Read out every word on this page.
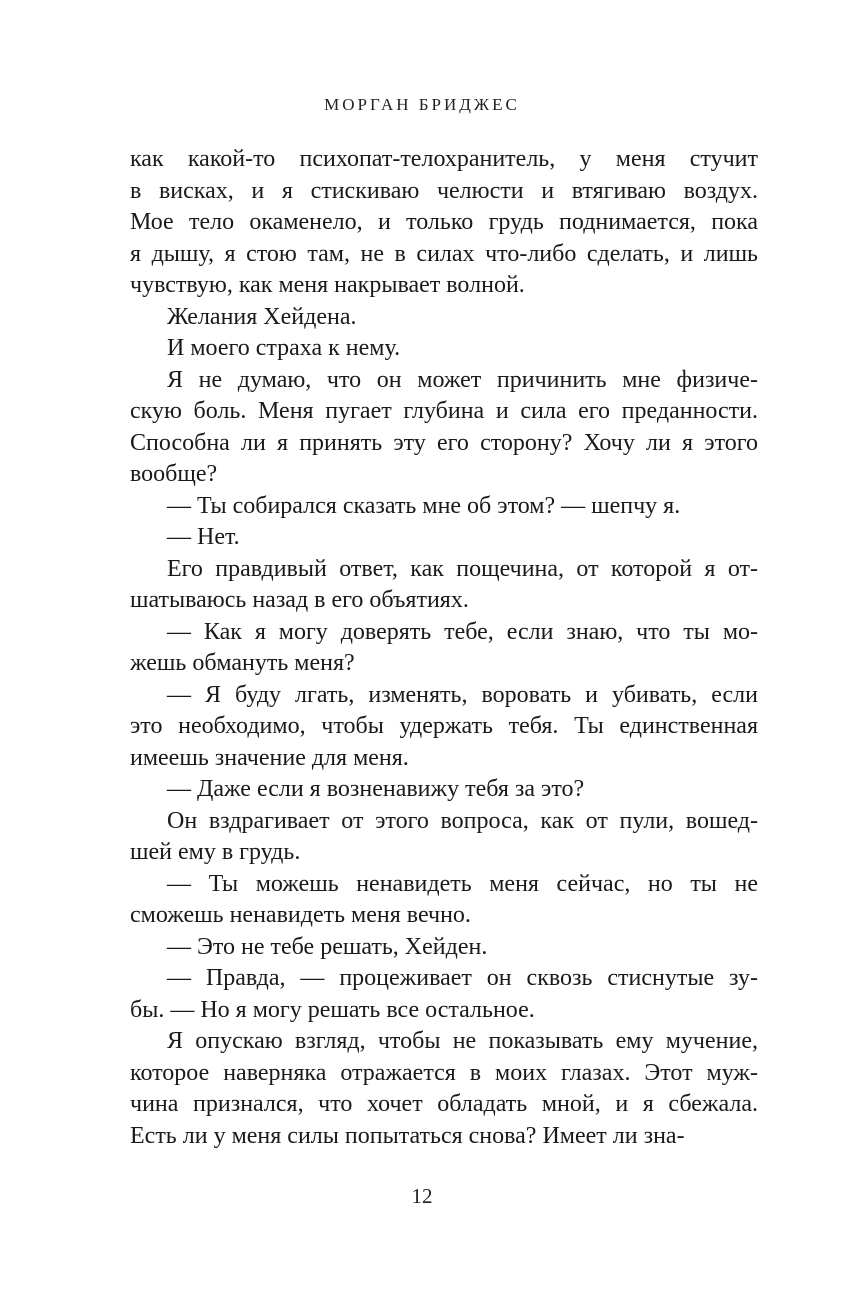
МОРГАН БРИДЖЕС
как какой-то психопат-телохранитель, у меня стучит
в висках, и я стискиваю челюсти и втягиваю воздух.
Мое тело окаменело, и только грудь поднимается, пока
я дышу, я стою там, не в силах что-либо сделать, и лишь
чувствую, как меня накрывает волной.
Желания Хейдена.
И моего страха к нему.
Я не думаю, что он может причинить мне физиче-
скую боль. Меня пугает глубина и сила его преданности.
Способна ли я принять эту его сторону? Хочу ли я этого
вообще?
— Ты собирался сказать мне об этом? — шепчу я.
— Нет.
Его правдивый ответ, как пощечина, от которой я от-
шатываюсь назад в его объятиях.
— Как я могу доверять тебе, если знаю, что ты мо-
жешь обмануть меня?
— Я буду лгать, изменять, воровать и убивать, если
это необходимо, чтобы удержать тебя. Ты единственная
имеешь значение для меня.
— Даже если я возненавижу тебя за это?
Он вздрагивает от этого вопроса, как от пули, вошед-
шей ему в грудь.
— Ты можешь ненавидеть меня сейчас, но ты не
сможешь ненавидеть меня вечно.
— Это не тебе решать, Хейден.
— Правда, — процеживает он сквозь стиснутые зу-
бы. — Но я могу решать все остальное.
Я опускаю взгляд, чтобы не показывать ему мучение,
которое наверняка отражается в моих глазах. Этот муж-
чина признался, что хочет обладать мной, и я сбежала.
Есть ли у меня силы попытаться снова? Имеет ли зна-
12
